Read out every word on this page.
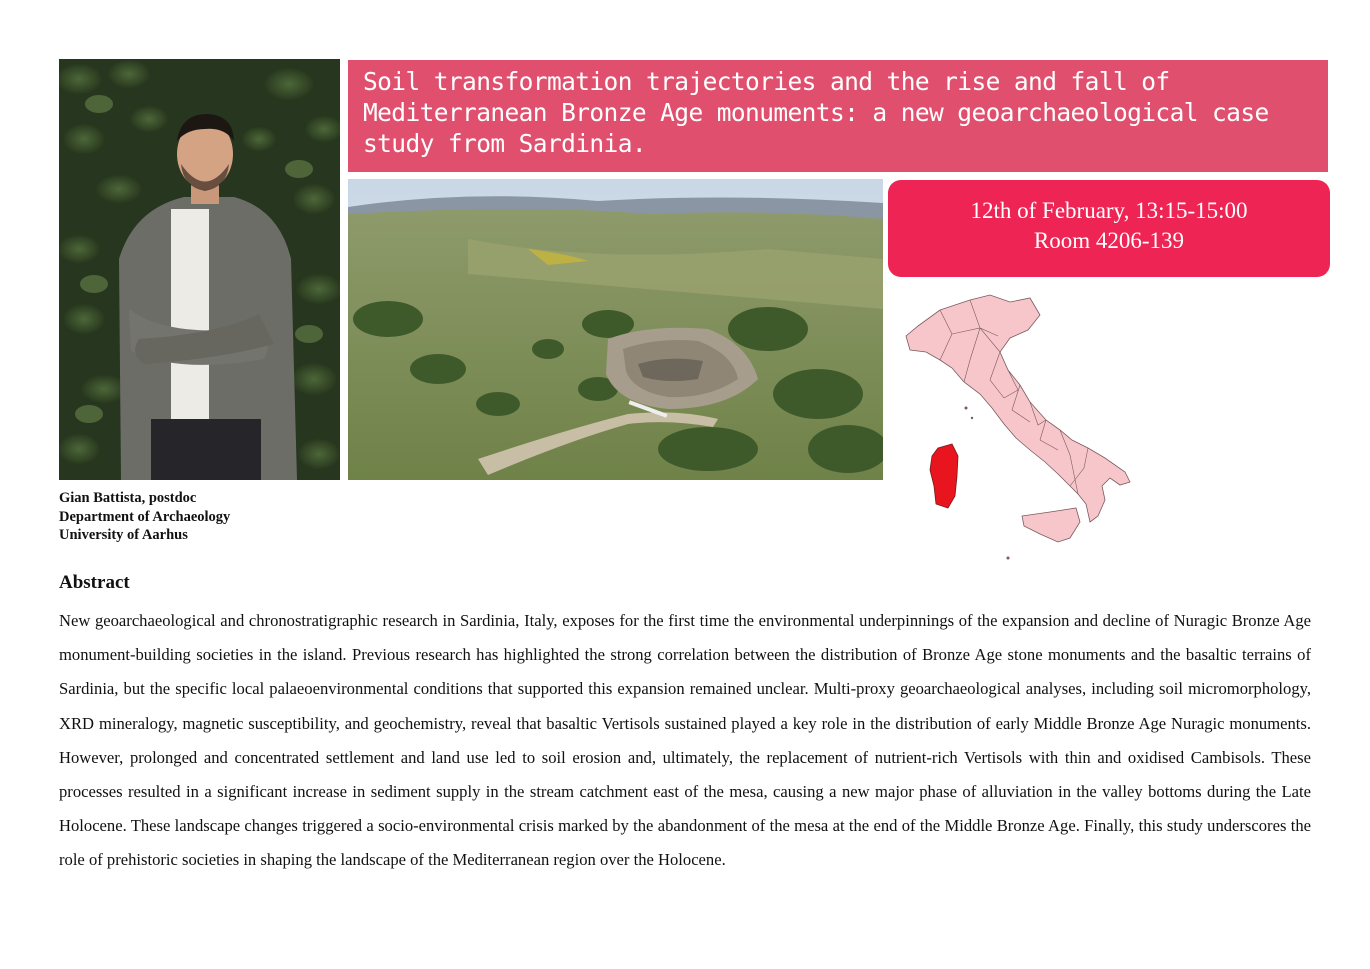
Gian Battista, postdoc
Department of Archaeology
University of Aarhus
Soil transformation trajectories and the rise and fall of Mediterranean Bronze Age monuments: a new geoarchaeological case study from Sardinia.
12th of February, 13:15-15:00
Room 4206-139
Abstract
New geoarchaeological and chronostratigraphic research in Sardinia, Italy, exposes for the first time the environmental underpinnings of the expansion and decline of Nuragic Bronze Age monument-building societies in the island. Previous research has highlighted the strong correlation between the distribution of Bronze Age stone monuments and the basaltic terrains of Sardinia, but the specific local palaeoenvironmental conditions that supported this expansion remained unclear. Multi-proxy geoarchaeological analyses, including soil micromorphology, XRD mineralogy, magnetic susceptibility, and geochemistry, reveal that basaltic Vertisols sustained played a key role in the distribution of early Middle Bronze Age Nuragic monuments. However, prolonged and concentrated settlement and land use led to soil erosion and, ultimately, the replacement of nutrient-rich Vertisols with thin and oxidised Cambisols. These processes resulted in a significant increase in sediment supply in the stream catchment east of the mesa, causing a new major phase of alluviation in the valley bottoms during the Late Holocene. These landscape changes triggered a socio-environmental crisis marked by the abandonment of the mesa at the end of the Middle Bronze Age. Finally, this study underscores the role of prehistoric societies in shaping the landscape of the Mediterranean region over the Holocene.
